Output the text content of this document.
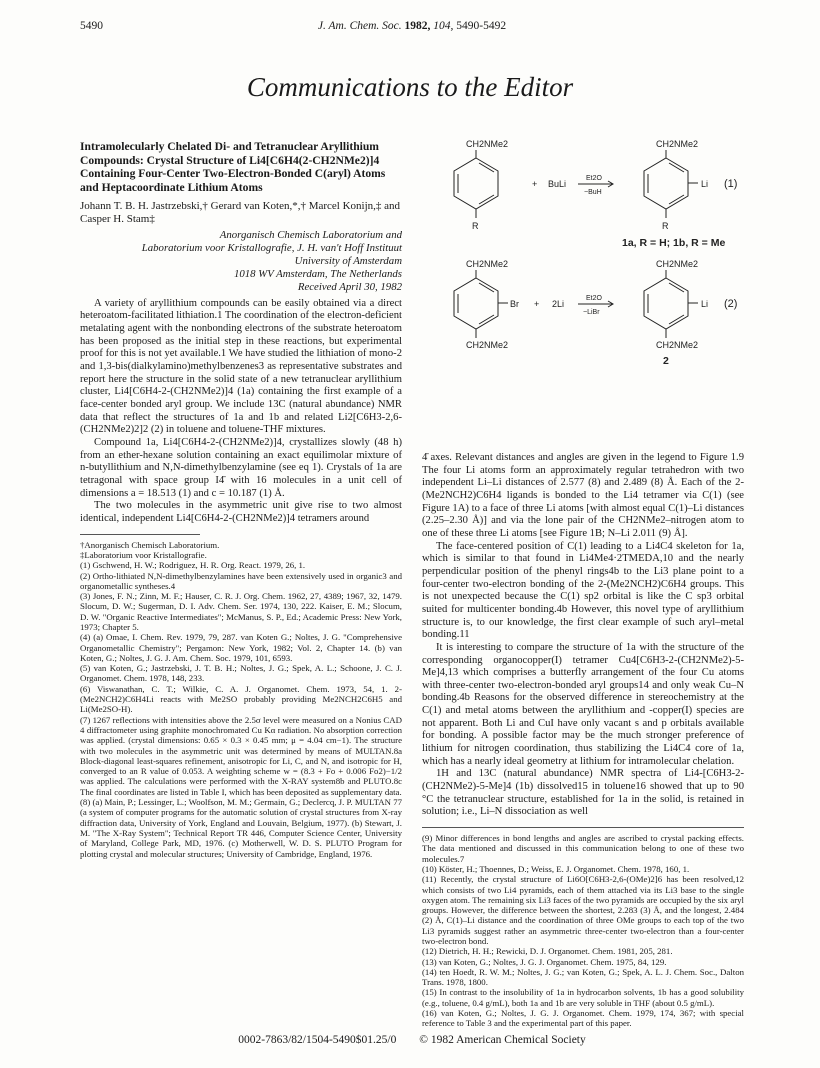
5490	J. Am. Chem. Soc. 1982, 104, 5490-5492
Communications to the Editor
Intramolecularly Chelated Di- and Tetranuclear Aryllithium Compounds: Crystal Structure of Li4[C6H4(2-CH2NMe2)]4 Containing Four-Center Two-Electron-Bonded C(aryl) Atoms and Heptacoordinate Lithium Atoms
Johann T. B. H. Jastrzebski,† Gerard van Koten,*,† Marcel Konijn,‡ and Casper H. Stam‡
Anorganisch Chemisch Laboratorium and
Laboratorium voor Kristallografie, J. H. van't Hoff Instituut
University of Amsterdam
1018 WV Amsterdam, The Netherlands
Received April 30, 1982

A variety of aryllithium compounds can be easily obtained via a direct heteroatom-facilitated lithiation.1 The coordination of the electron-deficient metalating agent with the nonbonding electrons of the substrate heteroatom has been proposed as the initial step in these reactions, but experimental proof for this is not yet available.1 We have studied the lithiation of mono-2 and 1,3-bis(dialkylamino)methylbenzenes3 as representative substrates and report here the structure in the solid state of a new tetranuclear aryllithium cluster, Li4[C6H4-2-(CH2NMe2)]4 (1a) containing the first example of a face-center bonded aryl group. We include 13C (natural abundance) NMR data that reflect the structures of 1a and 1b and related Li2[C6H3-2,6-(CH2NMe2)2]2 (2) in toluene and toluene-THF mixtures.

Compound 1a, Li4[C6H4-2-(CH2NMe2)]4, crystallizes slowly (48 h) from an ether-hexane solution containing an exact equilimolar mixture of n-butyllithium and N,N-dimethylbenzylamine (see eq 1). Crystals of 1a are tetragonal with space group I4̄ with 16 molecules in a unit cell of dimensions a = 18.513 (1) and c = 10.187 (1) Å.

The two molecules in the asymmetric unit give rise to two almost identical, independent Li4[C6H4-2-(CH2NMe2)]4 tetramers around

†Anorganisch Chemisch Laboratorium.

‡Laboratorium voor Kristallografie.

(1) Gschwend, H. W.; Rodriguez, H. R. Org. React. 1979, 26, 1.

(2) Ortho-lithiated N,N-dimethylbenzylamines have been extensively used in organic3 and organometallic syntheses.4

(3) Jones, F. N.; Zinn, M. F.; Hauser, C. R. J. Org. Chem. 1962, 27, 4389; 1967, 32, 1479. Slocum, D. W.; Sugerman, D. I. Adv. Chem. Ser. 1974, 130, 222. Kaiser, E. M.; Slocum, D. W. "Organic Reactive Intermediates"; McManus, S. P., Ed.; Academic Press: New York, 1973; Chapter 5.

(4) (a) Omae, I. Chem. Rev. 1979, 79, 287. van Koten G.; Noltes, J. G. "Comprehensive Organometallic Chemistry"; Pergamon: New York, 1982; Vol. 2, Chapter 14. (b) van Koten, G.; Noltes, J. G. J. Am. Chem. Soc. 1979, 101, 6593.

(5) van Koten, G.; Jastrzebski, J. T. B. H.; Noltes, J. G.; Spek, A. L.; Schoone, J. C. J. Organomet. Chem. 1978, 148, 233.

(6) Viswanathan, C. T.; Wilkie, C. A. J. Organomet. Chem. 1973, 54, 1. 2-(Me2NCH2)C6H4Li reacts with Me2SO probably providing Me2NCH2C6H5 and Li(Me2SO-H).

(7) 1267 reflections with intensities above the 2.5σ level were measured on a Nonius CAD 4 diffractometer using graphite monochromated Cu Kα radiation. No absorption correction was applied. (crystal dimensions: 0.65 × 0.3 × 0.45 mm; μ = 4.04 cm−1). The structure with two molecules in the asymmetric unit was determined by means of MULTAN.8a Block-diagonal least-squares refinement, anisotropic for Li, C, and N, and isotropic for H, converged to an R value of 0.053. A weighting scheme w = (8.3 + Fo + 0.006 Fo2)−1/2 was applied. The calculations were performed with the X-RAY system8b and PLUTO.8c The final coordinates are listed in Table I, which has been deposited as supplementary data.

(8) (a) Main, P.; Lessinger, L.; Woolfson, M. M.; Germain, G.; Declercq, J. P. MULTAN 77 (a system of computer programs for the automatic solution of crystal structures from X-ray diffraction data, University of York, England and Louvain, Belgium, 1977). (b) Stewart, J. M. "The X-Ray System"; Technical Report TR 446, Computer Science Center, University of Maryland, College Park, MD, 1976. (c) Motherwell, W. D. S. PLUTO Program for plotting crystal and molecular structures; University of Cambridge, England, 1976.

CH2NMe2	CH2NMe2
+ BuLi
Et2O
−BuH
Li (1)
R	R
1a, R = H; 1b, R = Me
CH2NMe2	CH2NMe2
Br + 2Li
Et2O
−LiBr
Li (2)
CH2NMe2	CH2NMe2
2

4̄ axes. Relevant distances and angles are given in the legend to Figure 1.9 The four Li atoms form an approximately regular tetrahedron with two independent Li–Li distances of 2.577 (8) and 2.489 (8) Å. Each of the 2-(Me2NCH2)C6H4 ligands is bonded to the Li4 tetramer via C(1) (see Figure 1A) to a face of three Li atoms [with almost equal C(1)–Li distances (2.25–2.30 Å)] and via the lone pair of the CH2NMe2–nitrogen atom to one of these three Li atoms [see Figure 1B; N–Li 2.011 (9) Å].

The face-centered position of C(1) leading to a Li4C4 skeleton for 1a, which is similar to that found in Li4Me4·2TMEDA,10 and the nearly perpendicular position of the phenyl rings4b to the Li3 plane point to a four-center two-electron bonding of the 2-(Me2NCH2)C6H4 groups. This is not unexpected because the C(1) sp2 orbital is like the C sp3 orbital suited for multicenter bonding.4b However, this novel type of aryllithium structure is, to our knowledge, the first clear example of such aryl–metal bonding.11

It is interesting to compare the structure of 1a with the structure of the corresponding organocopper(I) tetramer Cu4[C6H3-2-(CH2NMe2)-5-Me]4,13 which comprises a butterfly arrangement of the four Cu atoms with three-center two-electron-bonded aryl groups14 and only weak Cu–N bonding.4b Reasons for the observed difference in stereochemistry at the C(1) and metal atoms between the aryllithium and -copper(I) species are not apparent. Both Li and CuI have only vacant s and p orbitals available for bonding. A possible factor may be the much stronger preference of lithium for nitrogen coordination, thus stabilizing the Li4C4 core of 1a, which has a nearly ideal geometry at lithium for intramolecular chelation.

1H and 13C (natural abundance) NMR spectra of Li4-[C6H3-2-(CH2NMe2)-5-Me]4 (1b) dissolved15 in toluene16 showed that up to 90 °C the tetranuclear structure, established for 1a in the solid, is retained in solution; i.e., Li–N dissociation as well

(9) Minor differences in bond lengths and angles are ascribed to crystal packing effects. The data mentioned and discussed in this communication belong to one of these two molecules.7

(10) Köster, H.; Thoennes, D.; Weiss, E. J. Organomet. Chem. 1978, 160, 1.

(11) Recently, the crystal structure of Li6O[C6H3-2,6-(OMe)2]6 has been resolved,12 which consists of two Li4 pyramids, each of them attached via its Li3 base to the single oxygen atom. The remaining six Li3 faces of the two pyramids are occupied by the six aryl groups. However, the difference between the shortest, 2.283 (3) Å, and the longest, 2.484 (2) Å, C(1)–Li distance and the coordination of three OMe groups to each top of the two Li3 pyramids suggest rather an asymmetric three-center two-electron than a four-center two-electron bond.

(12) Dietrich, H. H.; Rewicki, D. J. Organomet. Chem. 1981, 205, 281.

(13) van Koten, G.; Noltes, J. G. J. Organomet. Chem. 1975, 84, 129.

(14) ten Hoedt, R. W. M.; Noltes, J. G.; van Koten, G.; Spek, A. L. J. Chem. Soc., Dalton Trans. 1978, 1800.

(15) In contrast to the insolubility of 1a in hydrocarbon solvents, 1b has a good solubility (e.g., toluene, 0.4 g/mL), both 1a and 1b are very soluble in THF (about 0.5 g/mL).

(16) van Koten, G.; Noltes, J. G. J. Organomet. Chem. 1979, 174, 367; with special reference to Table 3 and the experimental part of this paper.

0002-7863/82/1504-5490$01.25/0 © 1982 American Chemical Society
